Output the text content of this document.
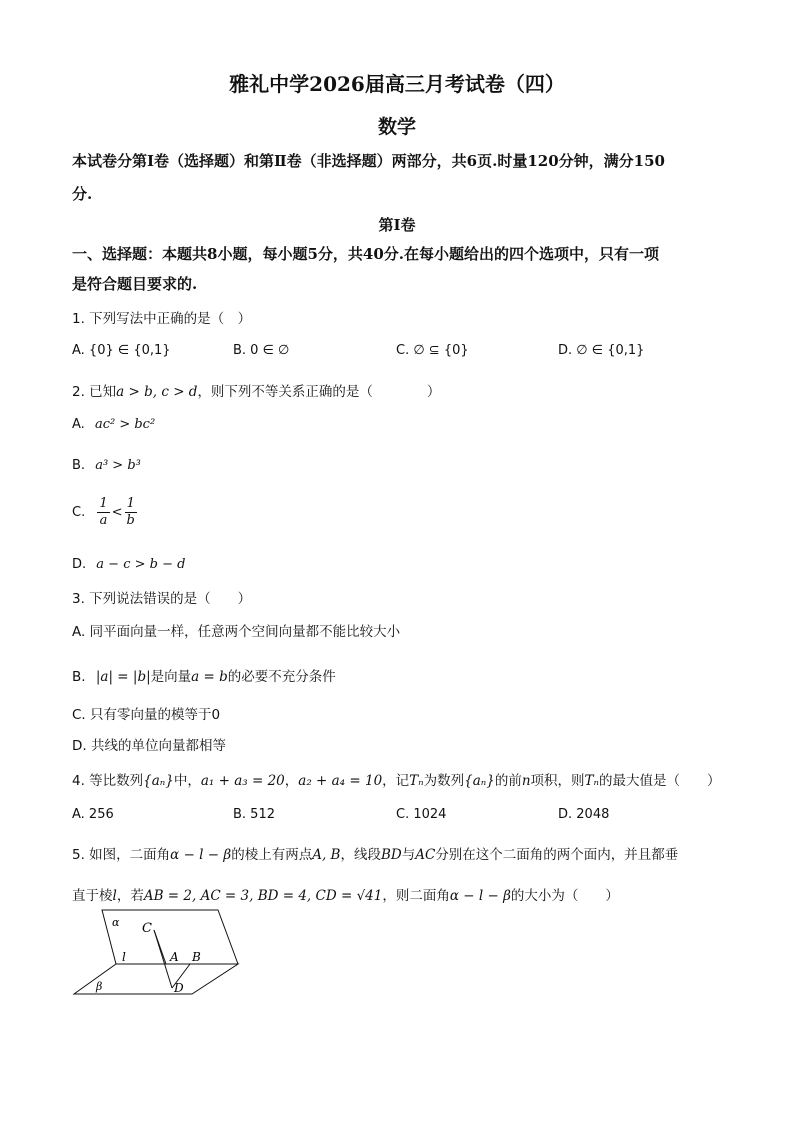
雅礼中学2026届高三月考试卷（四）
数学
本试卷分第Ⅰ卷（选择题）和第Ⅱ卷（非选择题）两部分，共6页.时量120分钟，满分150
分.
第Ⅰ卷
一、选择题：本题共8小题，每小题5分，共40分.在每小题给出的四个选项中，只有一项
是符合题目要求的.
1. 下列写法中正确的是（　）
A. {0} ∈ {0,1}	B. 0 ∈ ∅	C. ∅ ⊆ {0}	D. ∅ ∈ {0,1}
2. 已知a > b, c > d，则下列不等关系正确的是（　　　　）
A. ac² > bc²
B. a³ > b³
C. $\frac{1}{a} < \frac{1}{b}$
D. a − c > b − d
3. 下列说法错误的是（　　）
A. 同平面向量一样，任意两个空间向量都不能比较大小
B. |a| = |b|是向量a = b的必要不充分条件
C. 只有零向量的模等于0
D. 共线的单位向量都相等
4. 等比数列{aₙ}中，a₁ + a₃ = 20，a₂ + a₄ = 10，记Tₙ为数列{aₙ}的前n项积，则Tₙ的最大值是（　　）
A. 256	B. 512	C. 1024	D. 2048
5. 如图，二面角α − l − β的棱上有两点A, B，线段BD与AC分别在这个二面角的两个面内，并且都垂
直于棱l，若AB = 2, AC = 3, BD = 4, CD = √41，则二面角α − l − β的大小为（　　）
α
β
l
C
A B
D
